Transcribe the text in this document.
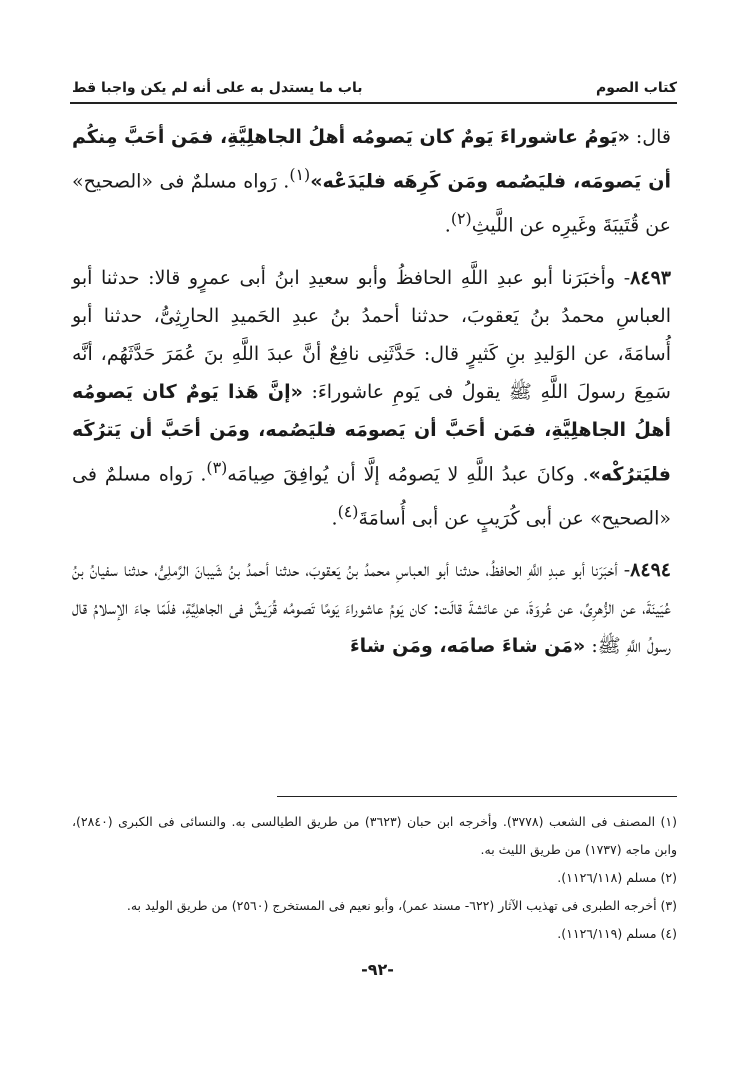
كتاب الصوم
باب ما يستدل به على أنه لم يكن واجبا قط

قال: «يَومُ عاشوراءَ يَومٌ كان يَصومُه أهلُ الجاهلِيَّةِ، فمَن أحَبَّ مِنكُم أن يَصومَه، فليَصُمه ومَن كَرِهَه فليَدَعْه»$^{(١)}$. رَواه مسلمٌ فى «الصحيح» عن قُتَيبَةَ وغَيرِه عن اللَّيثِ$^{(٢)}$.

٨٤٩٣- وأخبَرَنا أبو عبدِ اللَّهِ الحافظُ وأبو سعيدِ ابنُ أبى عمرٍو قالا: حدثنا أبو العباسِ محمدُ بنُ يَعقوبَ، حدثنا أحمدُ بنُ عبدِ الحَميدِ الحارِثِىُّ، حدثنا أبو أُسامَةَ، عن الوَليدِ بنِ كَثيرٍ قال: حَدَّثَنِى نافِعٌ أنَّ عبدَ اللَّهِ بنَ عُمَرَ حَدَّثَهُم، أنَّه سَمِعَ رسولَ اللَّهِ ﷺ يقولُ فى يَومِ عاشوراءَ: «إنَّ هَذا يَومٌ كان يَصومُه أهلُ الجاهلِيَّةِ، فمَن أحَبَّ أن يَصومَه فليَصُمه، ومَن أحَبَّ أن يَترُكَه فليَترُكْه». وكانَ عبدُ اللَّهِ لا يَصومُه إلَّا أن يُوافِقَ صِيامَه$^{(٣)}$. رَواه مسلمٌ فى «الصحيح» عن أبى كُرَيبٍ عن أبى أُسامَةَ$^{(٤)}$.

٨٤٩٤- أخبَرَنا أبو عبدِ اللَّهِ الحافظُ، حدثنا أبو العباسِ محمدُ بنُ يَعقوبَ، حدثنا أحمدُ بنُ شَيبانَ الرَّملِىُّ، حدثنا سفيانُ بنُ عُيَينَةَ، عن الزُّهرِىِّ، عن عُروَةَ، عن عائشةَ قالَت: كان يَومُ عاشوراءَ يَومًا تَصومُه قُرَيشٌ فى الجاهلِيَّةِ، فلَمّا جاءَ الإسلامُ قال رسولُ اللَّهِ ﷺ: «مَن شاءَ صامَه، ومَن شاءَ

(١) المصنف فى الشعب (٣٧٧٨). وأخرجه ابن حبان (٣٦٢٣) من طريق الطيالسى به. والنسائى فى الكبرى (٢٨٤٠)، وابن ماجه (١٧٣٧) من طريق الليث به.

(٢) مسلم (١١٢٦/١١٨).

(٣) أخرجه الطبرى فى تهذيب الآثار (٦٢٢- مسند عمر)، وأبو نعيم فى المستخرج (٢٥٦٠) من طريق الوليد به.

(٤) مسلم (١١٢٦/١١٩).

-٩٢-
